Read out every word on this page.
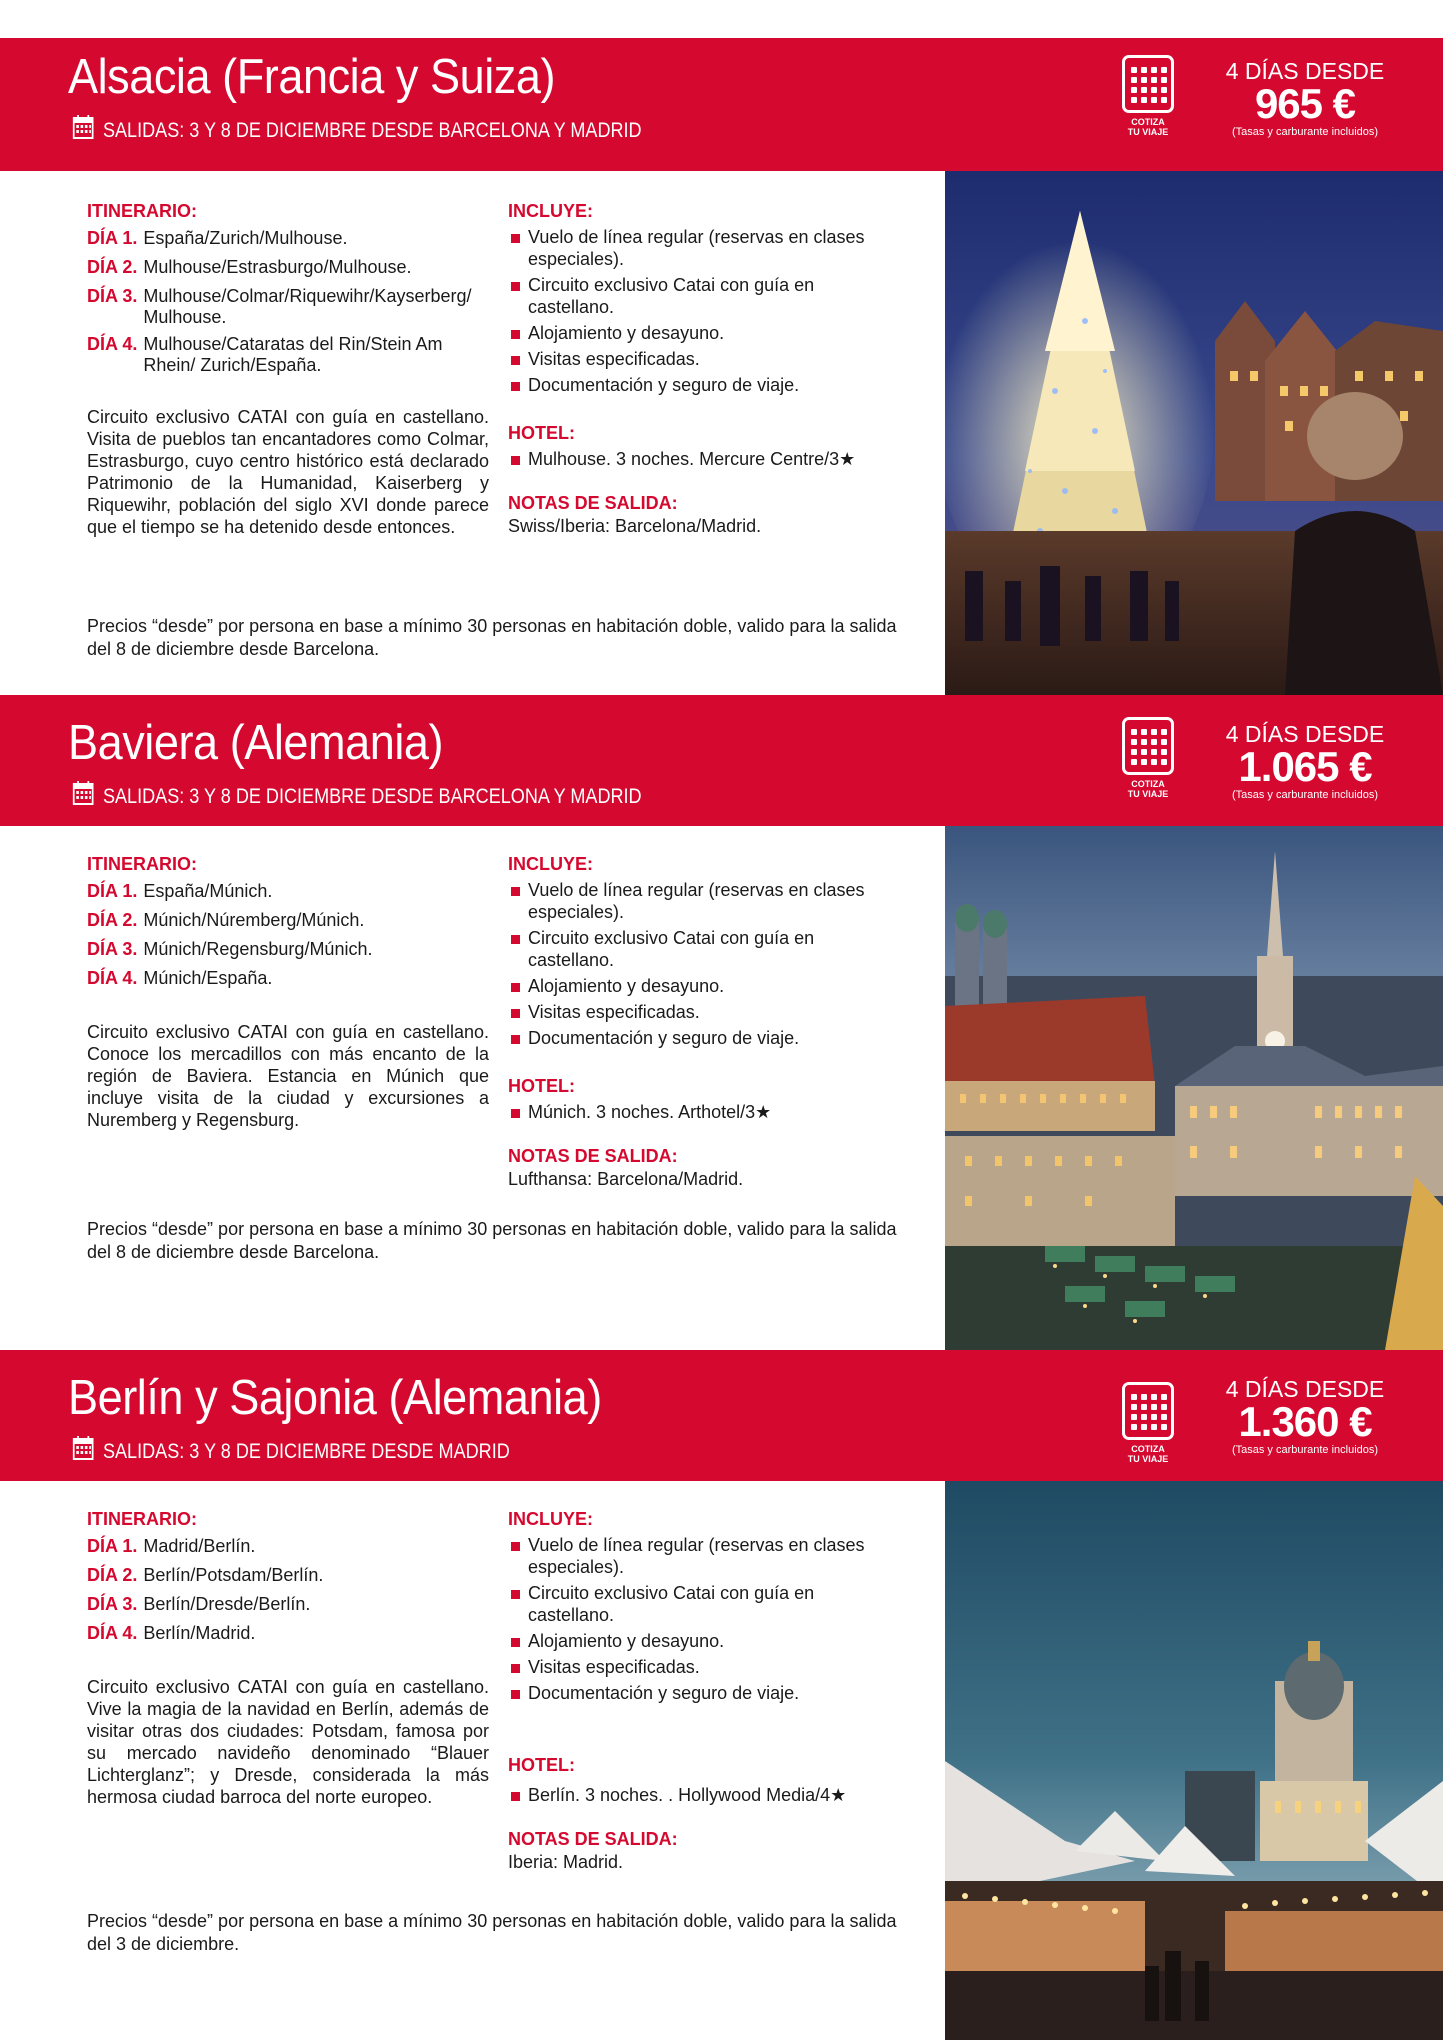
Alsacia (Francia y Suiza)
SALIDAS: 3 Y 8 DE DICIEMBRE DESDE BARCELONA Y MADRID	COTIZA
TU VIAJE
4 DÍAS DESDE
965 €
(Tasas y carburante incluidos)
ITINERARIO:
DÍA 1. España/Zurich/Mulhouse.
DÍA 2. Mulhouse/Estrasburgo/Mulhouse.
DÍA 3. Mulhouse/Colmar/Riquewihr/Kayserberg/ Mulhouse.
DÍA 4. Mulhouse/Cataratas del Rin/Stein Am Rhein/ Zurich/España.
Circuito exclusivo CATAI con guía en castellano. Visita de pueblos tan encantadores como Colmar, Estrasburgo, cuyo centro histórico está declarado Patrimonio de la Humanidad, Kaiserberg y Riquewihr, población del siglo XVI donde parece que el tiempo se ha detenido desde entonces.
INCLUYE:
Vuelo de línea regular (reservas en clases especiales).
Circuito exclusivo Catai con guía en castellano.
Alojamiento y desayuno.
Visitas especificadas.
Documentación y seguro de viaje.
HOTEL:
Mulhouse. 3 noches. Mercure Centre/3★
NOTAS DE SALIDA:
Swiss/Iberia: Barcelona/Madrid.
Precios “desde” por persona en base a mínimo 30 personas en habitación doble, valido para la salida del 8 de diciembre desde Barcelona.
Baviera (Alemania)
SALIDAS: 3 Y 8 DE DICIEMBRE DESDE BARCELONA Y MADRID
COTIZA
TU VIAJE
4 DÍAS DESDE
1.065 €
(Tasas y carburante incluidos)
ITINERARIO:
DÍA 1. España/Múnich.
DÍA 2. Múnich/Núremberg/Múnich.
DÍA 3. Múnich/Regensburg/Múnich.
DÍA 4. Múnich/España.
Circuito exclusivo CATAI con guía en castellano. Conoce los mercadillos con más encanto de la región de Baviera. Estancia en Múnich que incluye visita de la ciudad y excursiones a Nuremberg y Regensburg.
INCLUYE:
Vuelo de línea regular (reservas en clases especiales).
Circuito exclusivo Catai con guía en castellano.
Alojamiento y desayuno.
Visitas especificadas.
Documentación y seguro de viaje.
HOTEL:
Múnich. 3 noches. Arthotel/3★
NOTAS DE SALIDA:
Lufthansa: Barcelona/Madrid.
Precios “desde” por persona en base a mínimo 30 personas en habitación doble, valido para la salida del 8 de diciembre desde Barcelona.
Berlín y Sajonia (Alemania)
SALIDAS: 3 Y 8 DE DICIEMBRE DESDE MADRID	COTIZA
TU VIAJE
4 DÍAS DESDE
1.360 €
(Tasas y carburante incluidos)
ITINERARIO:
DÍA 1. Madrid/Berlín.
DÍA 2. Berlín/Potsdam/Berlín.
DÍA 3. Berlín/Dresde/Berlín.
DÍA 4. Berlín/Madrid.
Circuito exclusivo CATAI con guía en castellano. Vive la magia de la navidad en Berlín, además de visitar otras dos ciudades: Potsdam, famosa por su mercado navideño denominado “Blauer Lichterglanz”; y Dresde, considerada la más hermosa ciudad barroca del norte europeo.
INCLUYE:
Vuelo de línea regular (reservas en clases especiales).
Circuito exclusivo Catai con guía en castellano.
Alojamiento y desayuno.
Visitas especificadas.
Documentación y seguro de viaje.
HOTEL:
Berlín. 3 noches. . Hollywood Media/4★
NOTAS DE SALIDA:
Iberia: Madrid.
Precios “desde” por persona en base a mínimo 30 personas en habitación doble, valido para la salida del 3 de diciembre.
